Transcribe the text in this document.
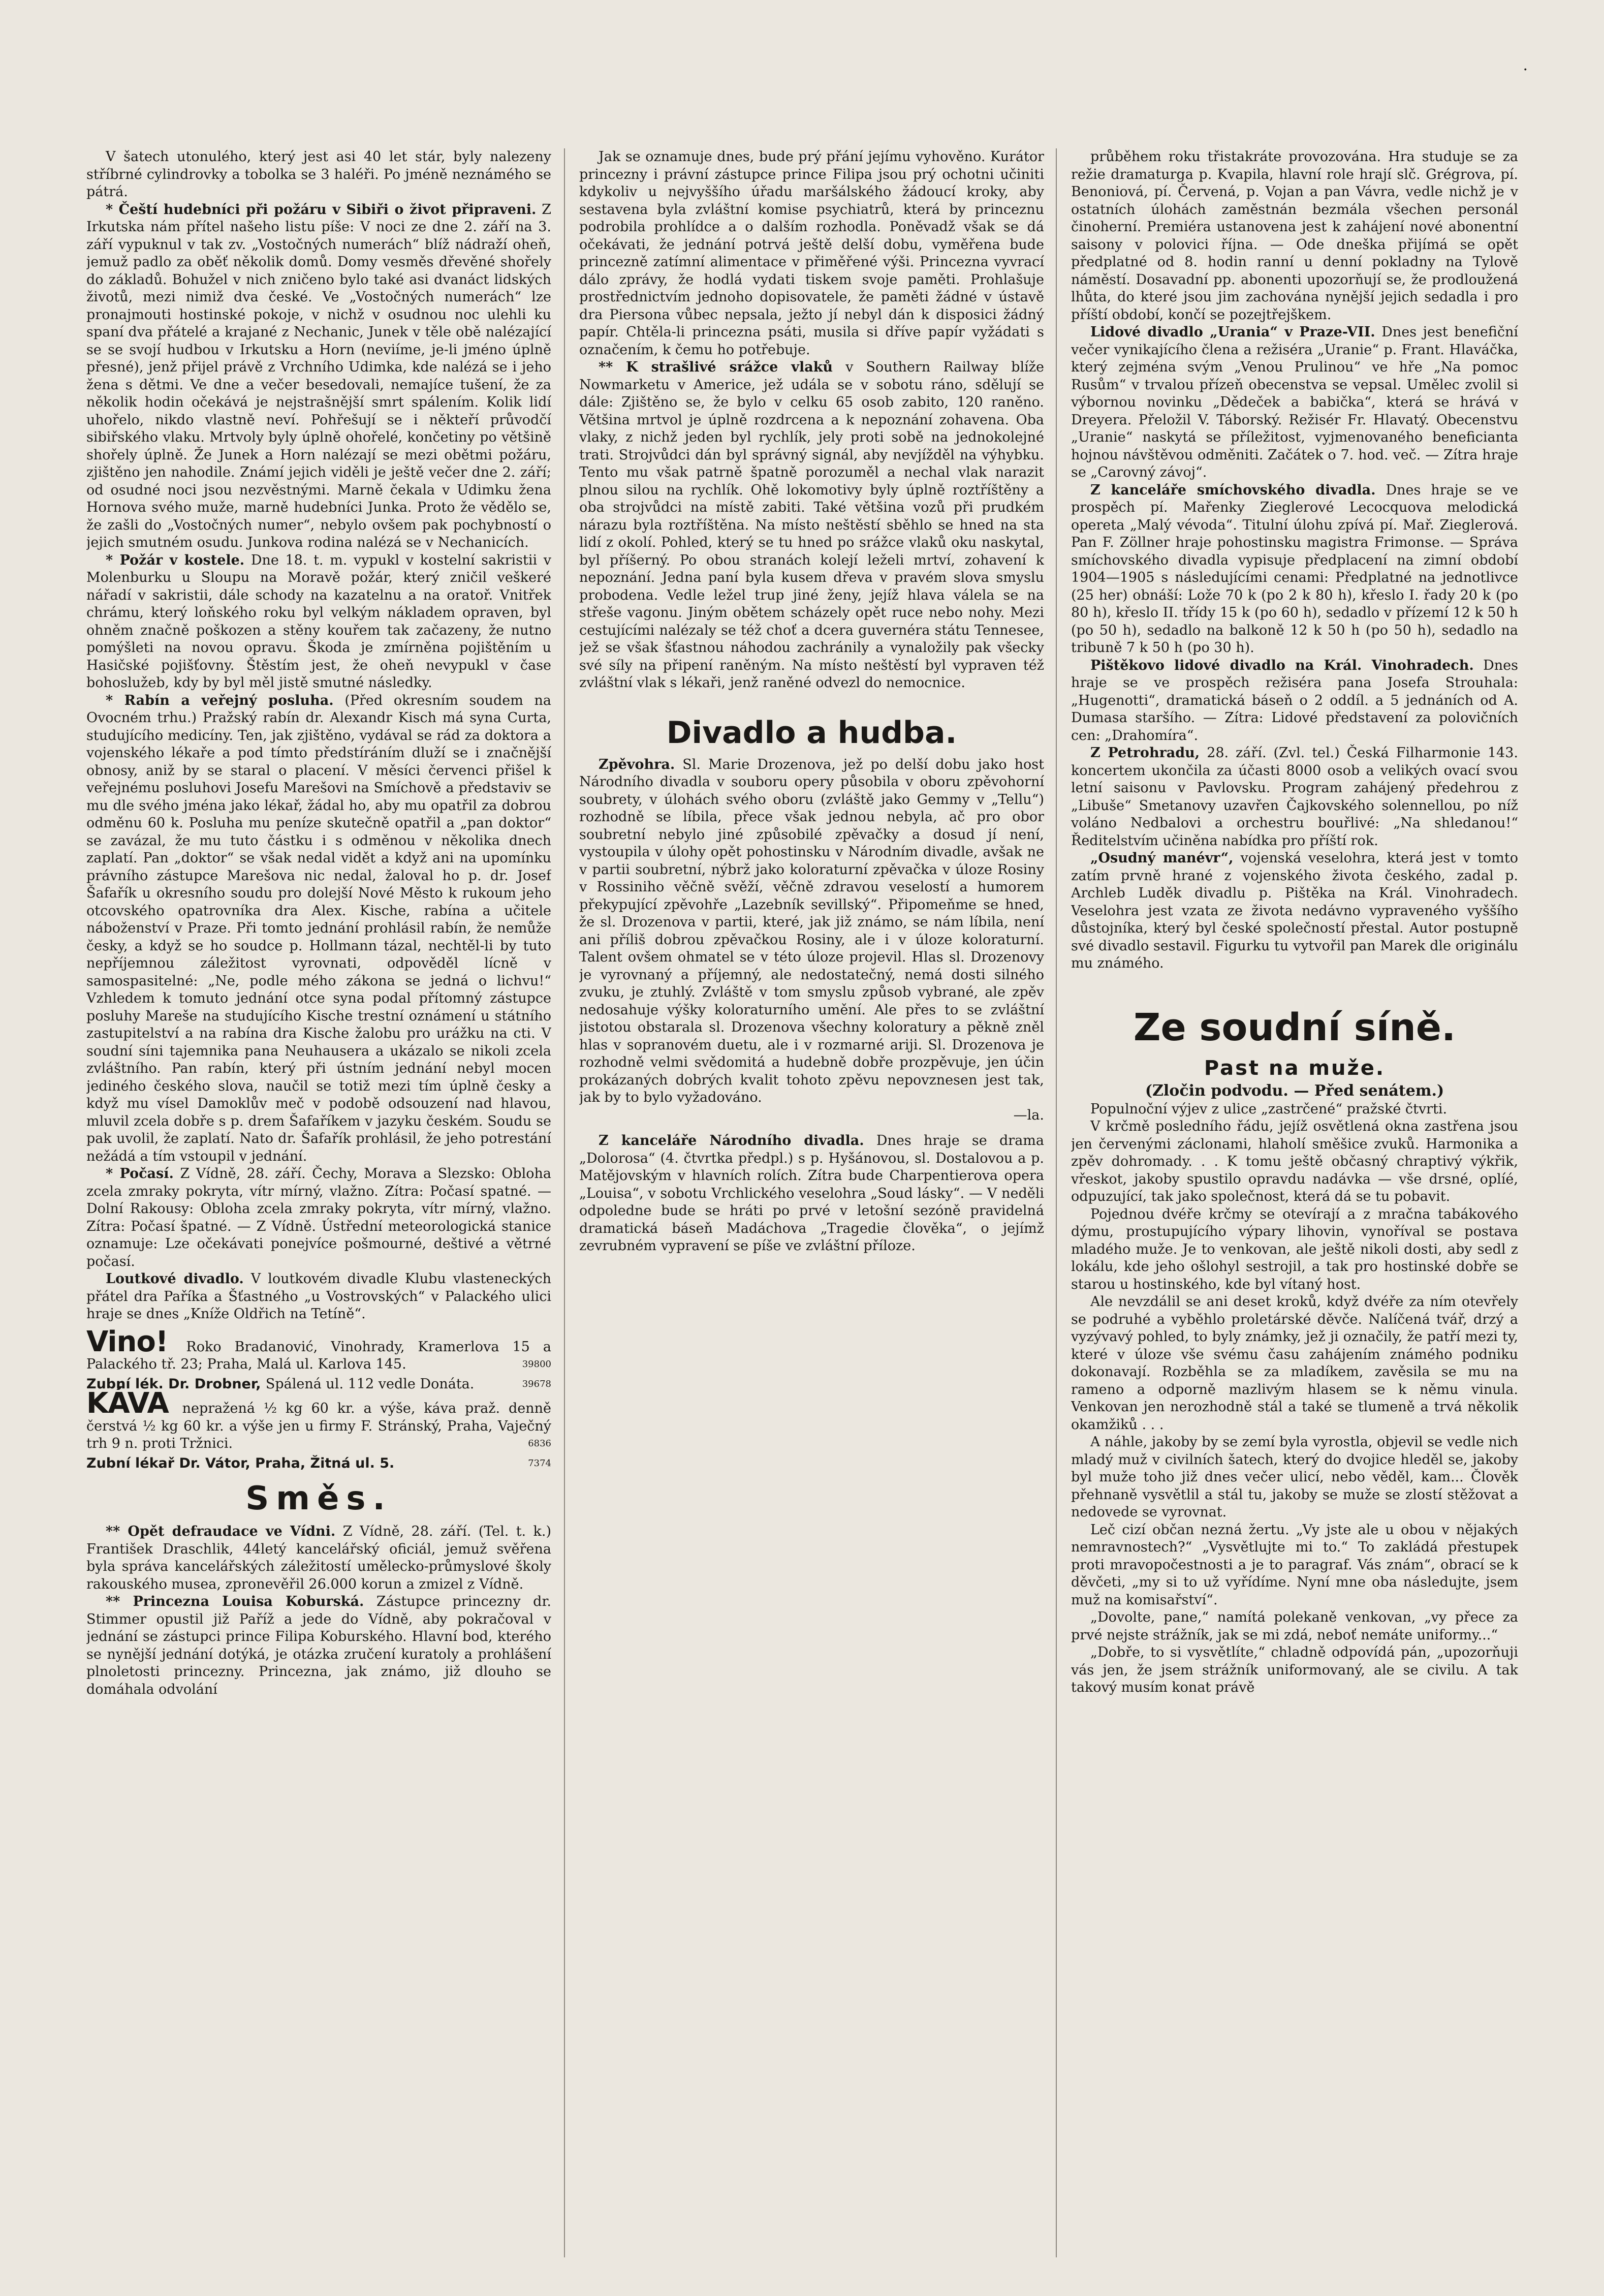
·

V šatech utonulého, který jest asi 40 let stár, byly nalezeny stříbrné cylindrovky a tobolka se 3 haléři. Po jméně neznámého se pátrá.

* Čeští hudebníci při požáru v Sibiři o život připraveni. Z Irkutska nám přítel našeho listu píše: V noci ze dne 2. září na 3. září vypuknul v tak zv. „Vostočných numerách“ blíž nádraží oheň, jemuž padlo za oběť několik domů. Domy vesměs dřevěné shořely do základů. Bohužel v nich zničeno bylo také asi dvanáct lidských životů, mezi nimiž dva české. Ve „Vostočných numerách“ lze pronajmouti hostinské pokoje, v nichž v osudnou noc ulehli ku spaní dva přátelé a krajané z Nechanic, Junek v těle obě nalézající se se svojí hudbou v Irkutsku a Horn (neviíme, je-li jméno úplně přesné), jenž přijel právě z Vrchního Udimka, kde nalézá se i jeho žena s dětmi. Ve dne a večer besedovali, nemajíce tušení, že za několik hodin očekává je nejstrašnější smrt spálením. Kolik lidí uhořelo, nikdo vlastně neví. Pohřešují se i někteří průvodčí sibiřského vlaku. Mrtvoly byly úplně ohořelé, končetiny po většině shořely úplně. Že Junek a Horn nalézají se mezi obětmi požáru, zjištěno jen nahodile. Známí jejich viděli je ještě večer dne 2. září; od osudné noci jsou nezvěstnými. Marně čekala v Udimku žena Hornova svého muže, marně hudebníci Junka. Proto že vědělo se, že zašli do „Vostočných numer“, nebylo ovšem pak pochybností o jejich smutném osudu. Junkova rodina nalézá se v Nechanicích.

* Požár v kostele. Dne 18. t. m. vypukl v kostelní sakristii v Molenburku u Sloupu na Moravě požár, který zničil veškeré nářadí v sakristii, dále schody na kazatelnu a na oratoř. Vnitřek chrámu, který loňského roku byl velkým nákladem opraven, byl ohněm značně poškozen a stěny kouřem tak začazeny, že nutno pomýšleti na novou opravu. Škoda je zmírněna pojištěním u Hasičské pojišťovny. Štěstím jest, že oheň nevypukl v čase bohoslužeb, kdy by byl měl jistě smutné následky.

* Rabín a veřejný posluha. (Před okresním soudem na Ovocném trhu.) Pražský rabín dr. Alexandr Kisch má syna Curta, studujícího medicíny. Ten, jak zjištěno, vydával se rád za doktora a vojenského lékaře a pod tímto předstíráním dluží se i značnější obnosy, aniž by se staral o placení. V měsíci červenci přišel k veřejnému posluhovi Josefu Marešovi na Smíchově a představiv se mu dle svého jména jako lékař, žádal ho, aby mu opatřil za dobrou odměnu 60 k. Posluha mu peníze skutečně opatřil a „pan doktor“ se zavázal, že mu tuto částku i s odměnou v několika dnech zaplatí. Pan „doktor“ se však nedal vidět a když ani na upomínku právního zástupce Marešova nic nedal, žaloval ho p. dr. Josef Šafařík u okresního soudu pro dolejší Nové Město k rukoum jeho otcovského opatrovníka dra Alex. Kische, rabína a učitele náboženství v Praze. Při tomto jednání prohlásil rabín, že nemůže česky, a když se ho soudce p. Hollmann tázal, nechtěl-li by tuto nepříjemnou záležitost vyrovnati, odpověděl lícně v samospasitelné: „Ne, podle mého zákona se jedná o lichvu!“ Vzhledem k tomuto jednání otce syna podal přítomný zástupce posluhy Mareše na studujícího Kische trestní oznámení u státního zastupitelství a na rabína dra Kische žalobu pro urážku na cti. V soudní síni tajemnika pana Neuhausera a ukázalo se nikoli zcela zvláštního. Pan rabín, který při ústním jednání nebyl mocen jediného českého slova, naučil se totiž mezi tím úplně česky a když mu vísel Damoklův meč v podobě odsouzení nad hlavou, mluvil zcela dobře s p. drem Šafaříkem v jazyku českém. Soudu se pak uvolil, že zaplatí. Nato dr. Šafařík prohlásil, že jeho potrestání nežádá a tím vstoupil v jednání.

* Počasí. Z Vídně, 28. září. Čechy, Morava a Slezsko: Obloha zcela zmraky pokryta, vítr mírný, vlažno. Zítra: Počasí spatné. — Dolní Rakousy: Obloha zcela zmraky pokryta, vítr mírný, vlažno. Zítra: Počasí špatné. — Z Vídně. Ústřední meteorologická stanice oznamuje: Lze očekávati ponejvíce pošmourné, deštivé a větrné počasí.

Loutkové divadlo. V loutkovém divadle Klubu vlasteneckých přátel dra Paříka a Šťastného „u Vostrovských“ v Palackého ulici hraje se dnes „Kníže Oldřich na Tetíně“.

Vino! Roko Bradanović, Vinohrady, Kramerlova 15 a Palackého tř. 23; Praha, Malá ul. Karlova 145.	39800

Zubní lék. Dr. Drobner, Spálená ul. 112 vedle Donáta.	39678

KÁVA nepražená ½ kg 60 kr. a výše, káva praž. denně čerstvá ½ kg 60 kr. a výše jen u firmy F. Stránský, Praha, Vaječný trh 9 n. proti Tržnici.	6836

Zubní lékař Dr. Vátor, Praha, Žitná ul. 5.	7374

Směs.

** Opět defraudace ve Vídni. Z Vídně, 28. září. (Tel. t. k.) František Draschlik, 44letý kancelářský oficiál, jemuž svěřena byla správa kancelářských záležitostí umělecko-průmyslové školy rakouského musea, zpronevěřil 26.000 korun a zmizel z Vídně.

** Princezna Louisa Koburská. Zástupce princezny dr. Stimmer opustil již Paříž a jede do Vídně, aby pokračoval v jednání se zástupci prince Filipa Koburského. Hlavní bod, kterého se nynější jednání dotýká, je otázka zručení kuratoly a prohlášení plnoletosti princezny. Princezna, jak známo, již dlouho se domáhala odvolání

Jak se oznamuje dnes, bude prý přání jejímu vyhověno. Kurátor princezny i právní zástupce prince Filipa jsou prý ochotni učiniti kdykoliv u nejvyššího úřadu maršálského žádoucí kroky, aby sestavena byla zvláštní komise psychiatrů, která by princeznu podrobila prohlídce a o dalším rozhodla. Poněvadž však se dá očekávati, že jednání potrvá ještě delší dobu, vyměřena bude princezně zatímní alimentace v přiměřené výši. Princezna vyvrací dálo zprávy, že hodlá vydati tiskem svoje paměti. Prohlašuje prostřednictvím jednoho dopisovatele, že paměti žádné v ústavě dra Piersona vůbec nepsala, ježto jí nebyl dán k disposici žádný papír. Chtěla-li princezna psáti, musila si dříve papír vyžádati s označením, k čemu ho potřebuje.

** K strašlivé srážce vlaků v Southern Railway blíže Nowmarketu v Americe, jež udála se v sobotu ráno, sdělují se dále: Zjištěno se, že bylo v celku 65 osob zabito, 120 raněno. Většina mrtvol je úplně rozdrcena a k nepoznání zohavena. Oba vlaky, z nichž jeden byl rychlík, jely proti sobě na jednokolejné trati. Strojvůdci dán byl správný signál, aby nevjížděl na výhybku. Tento mu však patrně špatně porozuměl a nechal vlak narazit plnou silou na rychlík. Ohě lokomotivy byly úplně roztříštěny a oba strojvůdci na místě zabiti. Také většina vozů při prudkém nárazu byla roztříštěna. Na místo neštěstí sběhlo se hned na sta lidí z okolí. Pohled, který se tu hned po srážce vlaků oku naskytal, byl příšerný. Po obou stranách kolejí leželi mrtví, zohavení k nepoznání. Jedna paní byla kusem dřeva v pravém slova smyslu probodena. Vedle ležel trup jiné ženy, jejíž hlava válela se na střeše vagonu. Jiným obětem scházely opět ruce nebo nohy. Mezi cestujícími nalézaly se též choť a dcera guvernéra státu Tennesee, jež se však šťastnou náhodou zachránily a vynaložily pak všecky své síly na připení raněným. Na místo neštěstí byl vypraven též zvláštní vlak s lékaři, jenž raněné odvezl do nemocnice.

Divadlo a hudba.

Zpěvohra. Sl. Marie Drozenova, jež po delší dobu jako host Národního divadla v souboru opery působila v oboru zpěvohorní soubrety, v úlohách svého oboru (zvláště jako Gemmy v „Tellu“) rozhodně se líbila, přece však jednou nebyla, ač pro obor soubretní nebylo jiné způsobilé zpěvačky a dosud jí není, vystoupila v úlohy opět pohostinsku v Národním divadle, avšak ne v partii soubretní, nýbrž jako koloraturní zpěvačka v úloze Rosiny v Rossiniho věčně svěží, věčně zdravou veselostí a humorem překypující zpěvohře „Lazebník sevillský“. Připomeňme se hned, že sl. Drozenova v partii, které, jak již známo, se nám líbila, není ani příliš dobrou zpěvačkou Rosiny, ale i v úloze koloraturní. Talent ovšem ohmatel se v této úloze projevil. Hlas sl. Drozenovy je vyrovnaný a příjemný, ale nedostatečný, nemá dosti silného zvuku, je ztuhlý. Zvláště v tom smyslu způsob vybrané, ale zpěv nedosahuje výšky koloraturního umění. Ale přes to se zvláštní jistotou obstarala sl. Drozenova všechny koloratury a pěkně zněl hlas v sopranovém duetu, ale i v rozmarné ariji. Sl. Drozenova je rozhodně velmi svědomitá a hudebně dobře prozpěvuje, jen účin prokázaných dobrých kvalit tohoto zpěvu nepovznesen jest tak, jak by to bylo vyžadováno.

—la.

Z kanceláře Národního divadla. Dnes hraje se drama „Dolorosa“ (4. čtvrtka předpl.) s p. Hyšánovou, sl. Dostalovou a p. Matějovským v hlavních rolích. Zítra bude Charpentierova opera „Louisa“, v sobotu Vrchlického veselohra „Soud lásky“. — V neděli odpoledne bude se hráti po prvé v letošní sezóně pravidelná dramatická báseň Madáchova „Tragedie člověka“, o jejímž zevrubném vypravení se píše ve zvláštní příloze.

průběhem roku třistakráte provozována. Hra studuje se za režie dramaturga p. Kvapila, hlavní role hrají slč. Grégrova, pí. Benoniová, pí. Červená, p. Vojan a pan Vávra, vedle nichž je v ostatních úlohách zaměstnán bezmála všechen personál činoherní. Premiéra ustanovena jest k zahájení nové abonentní saisony v polovici října. — Ode dneška přijímá se opět předplatné od 8. hodin ranní u denní pokladny na Tylově náměstí. Dosavadní pp. abonenti upozorňují se, že prodloužená lhůta, do které jsou jim zachována nynější jejich sedadla i pro příští období, končí se pozejtřejškem.

Lidové divadlo „Urania“ v Praze-VII. Dnes jest benefiční večer vynikajícího člena a režiséra „Uranie“ p. Frant. Hlaváčka, který zejména svým „Venou Prulinou“ ve hře „Na pomoc Rusům“ v trvalou přízeň obecenstva se vepsal. Umělec zvolil si výbornou novinku „Dědeček a babička“, která se hrává v Dreyera. Přeložil V. Táborský. Režisér Fr. Hlavatý. Obecenstvu „Uranie“ naskytá se příležitost, vyjmenovaného beneficianta hojnou návštěvou odměniti. Začátek o 7. hod. več. — Zítra hraje se „Carovný závoj“.

Z kanceláře smíchovského divadla. Dnes hraje se ve prospěch pí. Mařenky Zieglerové Lecocquova melodická opereta „Malý vévoda“. Titulní úlohu zpívá pí. Mař. Zieglerová. Pan F. Zöllner hraje pohostinsku magistra Frimonse. — Správa smíchovského divadla vypisuje předplacení na zimní období 1904—1905 s následujícími cenami: Předplatné na jednotlivce (25 her) obnáší: Lože 70 k (po 2 k 80 h), křeslo I. řady 20 k (po 80 h), křeslo II. třídy 15 k (po 60 h), sedadlo v přízemí 12 k 50 h (po 50 h), sedadlo na balkoně 12 k 50 h (po 50 h), sedadlo na tribuně 7 k 50 h (po 30 h).

Pištěkovo lidové divadlo na Král. Vinohradech. Dnes hraje se ve prospěch režiséra pana Josefa Strouhala: „Hugenotti“, dramatická báseň o 2 oddíl. a 5 jednáních od A. Dumasa staršího. — Zítra: Lidové představení za polovičních cen: „Drahomíra“.

Z Petrohradu, 28. září. (Zvl. tel.) Česká Filharmonie 143. koncertem ukončila za účasti 8000 osob a velikých ovací svou letní saisonu v Pavlovsku. Program zahájený předehrou z „Libuše“ Smetanovy uzavřen Čajkovského solennellou, po níž voláno Nedbalovi a orchestru bouřlivé: „Na shledanou!“ Ředitelstvím učiněna nabídka pro příští rok.

„Osudný manévr“, vojenská veselohra, která jest v tomto zatím prvně hrané z vojenského života českého, zadal p. Archleb Luděk divadlu p. Pištěka na Král. Vinohradech. Veselohra jest vzata ze života nedávno vypraveného vyššího důstojníka, který byl české společností přestal. Autor postupně své divadlo sestavil. Figurku tu vytvořil pan Marek dle originálu mu známého.

Ze soudní síně.
Past na muže.
(Zločin podvodu. — Před senátem.)

Populnoční výjev z ulice „zastrčené“ pražské čtvrti.

V krčmě posledního řádu, jejíž osvětlená okna zastřena jsou jen červenými záclonami, hlaholí směšice zvuků. Harmonika a zpěv dohromady. . . K tomu ještě občasný chraptivý výkřik, vřeskot, jakoby spustilo opravdu nadávka — vše drsné, oplíé, odpuzující, tak jako společnost, která dá se tu pobavit.

Pojednou dvéře krčmy se otevírají a z mračna tabákového dýmu, prostupujícího výpary lihovin, vynoříval se postava mladého muže. Je to venkovan, ale ještě nikoli dosti, aby sedl z lokálu, kde jeho ošlohyl sestrojil, a tak pro hostinské dobře se starou u hostinského, kde byl vítaný host.

Ale nevzdálil se ani deset kroků, když dvéře za ním otevřely se podruhé a vyběhlo proletárské děvče. Nalíčená tvář, drzý a vyzývavý pohled, to byly známky, jež ji označily, že patří mezi ty, které v úloze vše svému času zahájením známého podniku dokonavají. Rozběhla se za mladíkem, zavěsila se mu na rameno a odporně mazlivým hlasem se k němu vinula. Venkovan jen nerozhodně stál a také se tlumeně a trvá několik okamžiků . . .

A náhle, jakoby by se zemí byla vyrostla, objevil se vedle nich mladý muž v civilních šatech, který do dvojice hleděl se, jakoby byl muže toho již dnes večer ulicí, nebo věděl, kam... Člověk přehnaně vysvětlil a stál tu, jakoby se muže se zlostí stěžovat a nedovede se vyrovnat.

Leč cizí občan nezná žertu. „Vy jste ale u obou v nějakých nemravnostech?“ „Vysvětlujte mi to.“ To zakládá přestupek proti mravopočestnosti a je to paragraf. Vás znám“, obrací se k děvčeti, „my si to už vyřídíme. Nyní mne oba následujte, jsem muž na komisařství“.

„Dovolte, pane,“ namítá polekaně venkovan, „vy přece za prvé nejste strážník, jak se mi zdá, neboť nemáte uniformy...“

„Dobře, to si vysvětlíte,“ chladně odpovídá pán, „upozorňuji vás jen, že jsem strážník uniformovaný, ale se civilu. A tak takový musím konat právě
